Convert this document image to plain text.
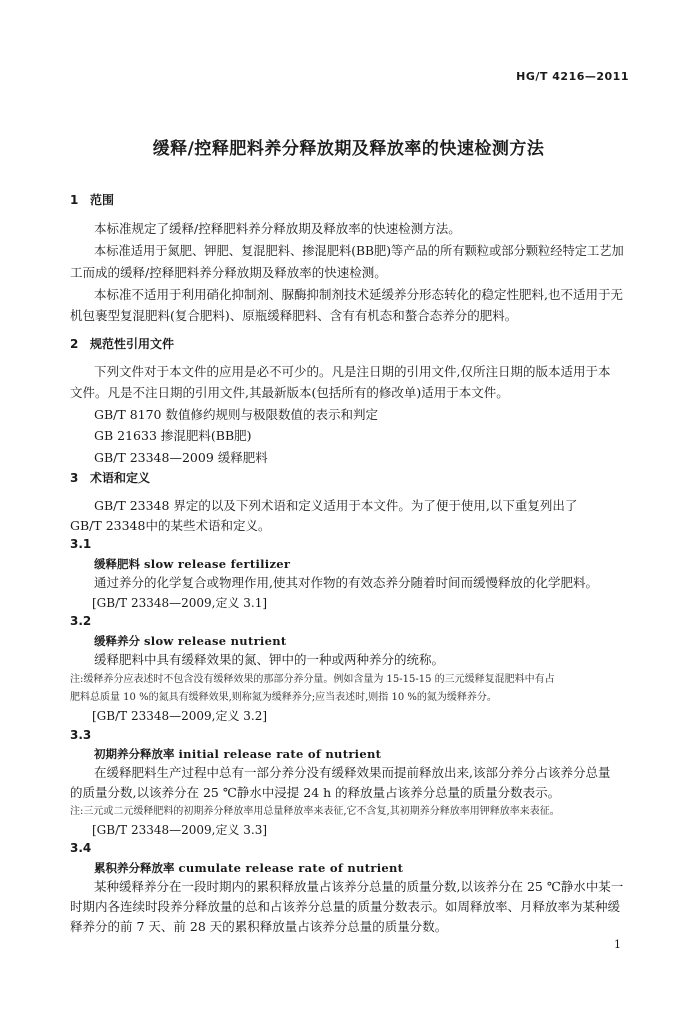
HG/T 4216—2011
缓释/控释肥料养分释放期及释放率的快速检测方法
1 范围
本标准规定了缓释/控释肥料养分释放期及释放率的快速检测方法。
本标准适用于氮肥、钾肥、复混肥料、掺混肥料(BB肥)等产品的所有颗粒或部分颗粒经特定工艺加
工而成的缓释/控释肥料养分释放期及释放率的快速检测。
本标准不适用于利用硝化抑制剂、脲酶抑制剂技术延缓养分形态转化的稳定性肥料,也不适用于无
机包裹型复混肥料(复合肥料)、原瓶缓释肥料、含有有机态和螯合态养分的肥料。
2 规范性引用文件
下列文件对于本文件的应用是必不可少的。凡是注日期的引用文件,仅所注日期的版本适用于本
文件。凡是不注日期的引用文件,其最新版本(包括所有的修改单)适用于本文件。
GB/T 8170 数值修约规则与极限数值的表示和判定
GB 21633 掺混肥料(BB肥)
GB/T 23348—2009 缓释肥料
3 术语和定义
GB/T 23348 界定的以及下列术语和定义适用于本文件。为了便于使用,以下重复列出了
GB/T 23348中的某些术语和定义。
3.1
缓释肥料 slow release fertilizer
通过养分的化学复合或物理作用,使其对作物的有效态养分随着时间而缓慢释放的化学肥料。
[GB/T 23348—2009,定义 3.1]
3.2
缓释养分 slow release nutrient
缓释肥料中具有缓释效果的氮、钾中的一种或两种养分的统称。
注:缓释养分应表述时不包含没有缓释效果的那部分养分量。例如含量为 15-15-15 的三元缓释复混肥料中有占
肥料总质量 10 %的氮具有缓释效果,则称氮为缓释养分;应当表述时,则指 10 %的氮为缓释养分。
[GB/T 23348—2009,定义 3.2]
3.3
初期养分释放率 initial release rate of nutrient
在缓释肥料生产过程中总有一部分养分没有缓释效果而提前释放出来,该部分养分占该养分总量
的质量分数,以该养分在 25 ℃静水中浸提 24 h 的释放量占该养分总量的质量分数表示。
注:三元或二元缓释肥料的初期养分释放率用总量释放率来表征,它不含复,其初期养分释放率用钾释放率来表征。
[GB/T 23348—2009,定义 3.3]
3.4
累积养分释放率 cumulate release rate of nutrient
某种缓释养分在一段时期内的累积释放量占该养分总量的质量分数,以该养分在 25 ℃静水中某一
时期内各连续时段养分释放量的总和占该养分总量的质量分数表示。如周释放率、月释放率为某种缓
释养分的前 7 天、前 28 天的累积释放量占该养分总量的质量分数。
1
